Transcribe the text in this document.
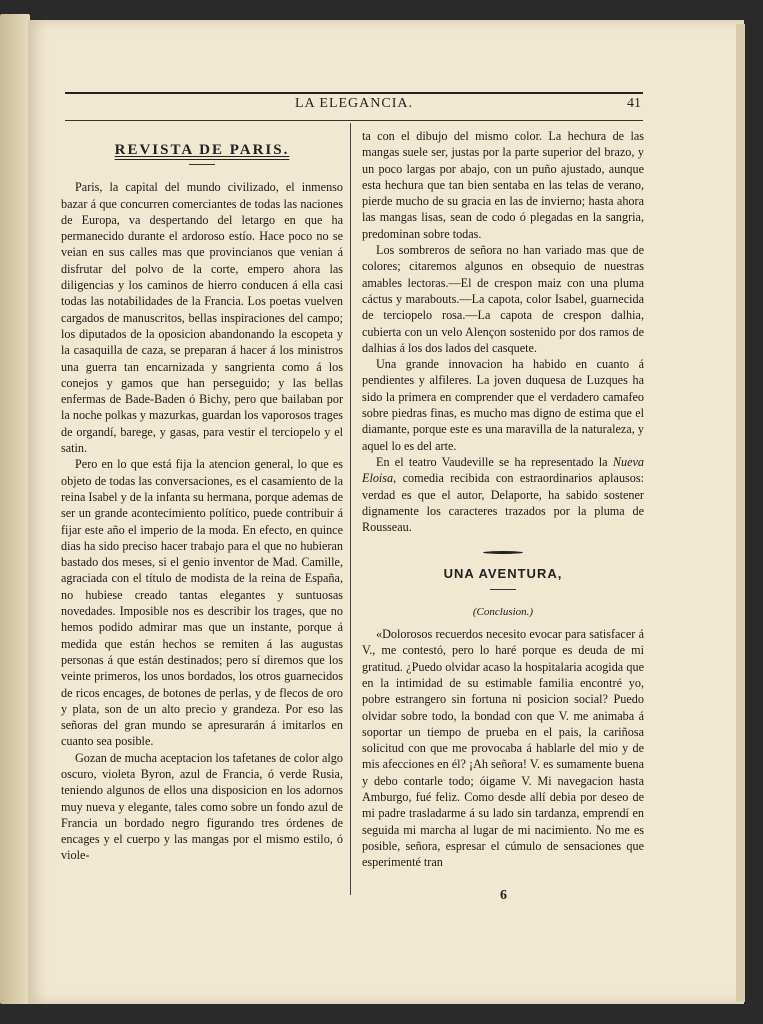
LA ELEGANCIA.	41
REVISTA DE PARIS.

Paris, la capital del mundo civilizado, el inmenso bazar á que concurren comerciantes de todas las naciones de Europa, va despertando del letargo en que ha permanecido durante el ardoroso estío. Hace poco no se veian en sus calles mas que provincianos que venian á disfrutar del polvo de la corte, empero ahora las diligencias y los caminos de hierro conducen á ella casi todas las notabilidades de la Francia. Los poetas vuelven cargados de manuscritos, bellas inspiraciones del campo; los diputados de la oposicion abandonando la escopeta y la casaquilla de caza, se preparan á hacer á los ministros una guerra tan encarnizada y sangrienta como á los conejos y gamos que han perseguido; y las bellas enfermas de Bade-Baden ó Bichy, pero que bailaban por la noche polkas y mazurkas, guardan los vaporosos trages de organdí, barege, y gasas, para vestir el terciopelo y el satin.

Pero en lo que está fija la atencion general, lo que es objeto de todas las conversaciones, es el casamiento de la reina Isabel y de la infanta su hermana, porque ademas de ser un grande acontecimiento político, puede contribuir á fijar este año el imperio de la moda. En efecto, en quince dias ha sido preciso hacer trabajo para el que no hubieran bastado dos meses, si el genio inventor de Mad. Camille, agraciada con el título de modista de la reina de España, no hubiese creado tantas elegantes y suntuosas novedades. Imposible nos es describir los trages, que no hemos podido admirar mas que un instante, porque á medida que están hechos se remiten á las augustas personas á que están destinados; pero sí diremos que los veinte primeros, los unos bordados, los otros guarnecidos de ricos encages, de botones de perlas, y de flecos de oro y plata, son de un alto precio y grandeza. Por eso las señoras del gran mundo se apresurarán á imitarlos en cuanto sea posible.

Gozan de mucha aceptacion los tafetanes de color algo oscuro, violeta Byron, azul de Francia, ó verde Rusia, teniendo algunos de ellos una disposicion en los adornos muy nueva y elegante, tales como sobre un fondo azul de Francia un bordado negro figurando tres órdenes de encages y el cuerpo y las mangas por el mismo estilo, ó viole-

ta con el dibujo del mismo color. La hechura de las mangas suele ser, justas por la parte superior del brazo, y un poco largas por abajo, con un puño ajustado, aunque esta hechura que tan bien sentaba en las telas de verano, pierde mucho de su gracia en las de invierno; hasta ahora las mangas lisas, sean de codo ó plegadas en la sangria, predominan sobre todas.

Los sombreros de señora no han variado mas que de colores; citaremos algunos en obsequio de nuestras amables lectoras.—El de crespon maiz con una pluma cáctus y marabouts.—La capota, color Isabel, guarnecida de terciopelo rosa.—La capota de crespon dalhia, cubierta con un velo Alençon sostenido por dos ramos de dalhias á los dos lados del casquete.

Una grande innovacion ha habido en cuanto á pendientes y alfileres. La joven duquesa de Luzques ha sido la primera en comprender que el verdadero camafeo sobre piedras finas, es mucho mas digno de estima que el diamante, porque este es una maravilla de la naturaleza, y aquel lo es del arte.

En el teatro Vaudeville se ha representado la Nueva Eloisa, comedia recibida con estraordinarios aplausos: verdad es que el autor, Delaporte, ha sabido sostener dignamente los caracteres trazados por la pluma de Rousseau.

UNA AVENTURA,
(Conclusion.)

«Dolorosos recuerdos necesito evocar para satisfacer á V., me contestó, pero lo haré porque es deuda de mi gratitud. ¿Puedo olvidar acaso la hospitalaria acogida que en la intimidad de su estimable familia encontré yo, pobre estrangero sin fortuna ni posicion social? Puedo olvidar sobre todo, la bondad con que V. me animaba á soportar un tiempo de prueba en el pais, la cariñosa solicitud con que me provocaba á hablarle del mio y de mis afecciones en él? ¡Ah señora! V. es sumamente buena y debo contarle todo; óigame V. Mi navegacion hasta Amburgo, fué feliz. Como desde allí debia por deseo de mi padre trasladarme á su lado sin tardanza, emprendí en seguida mi marcha al lugar de mi nacimiento. No me es posible, señora, espresar el cúmulo de sensaciones que esperimenté tran

6
